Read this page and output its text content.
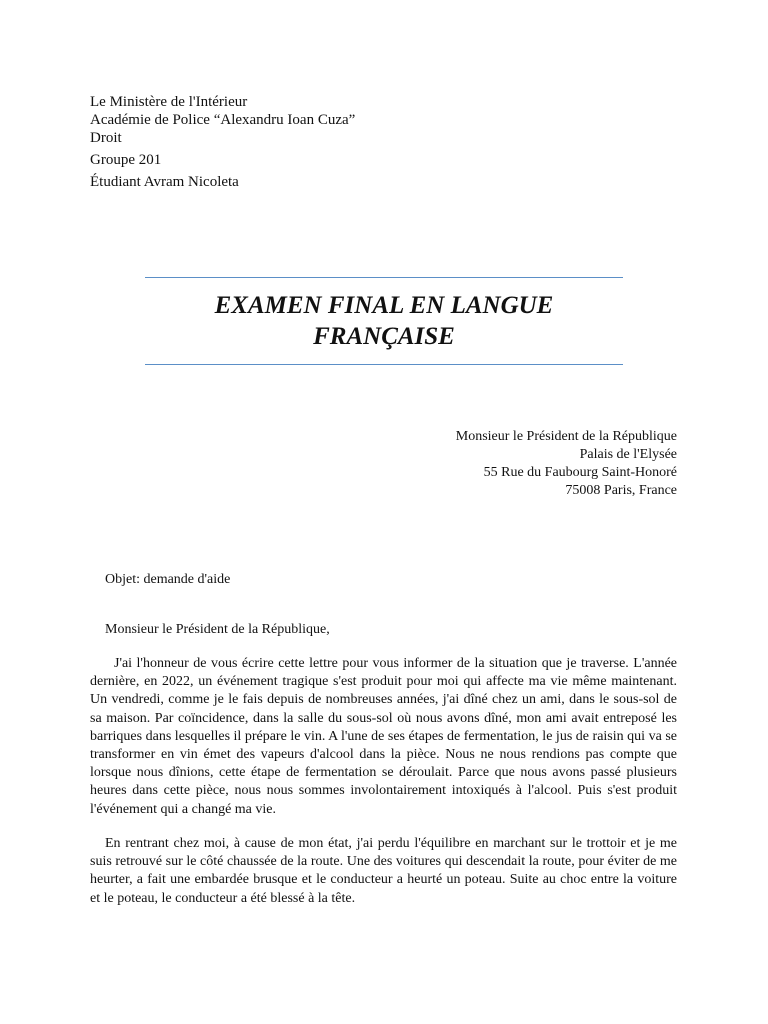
Le Ministère de l'Intérieur
Académie de Police “Alexandru Ioan Cuza”
Droit
Groupe 201
Étudiant Avram Nicoleta
EXAMEN FINAL EN LANGUE
FRANÇAISE
Monsieur le Président de la République
Palais de l'Elysée
55 Rue du Faubourg Saint-Honoré
75008 Paris, France
Objet: demande d'aide
Monsieur le Président de la République,

J'ai l'honneur de vous écrire cette lettre pour vous informer de la situation que je traverse. L'année dernière, en 2022, un événement tragique s'est produit pour moi qui affecte ma vie même maintenant. Un vendredi, comme je le fais depuis de nombreuses années, j'ai dîné chez un ami, dans le sous-sol de sa maison. Par coïncidence, dans la salle du sous-sol où nous avons dîné, mon ami avait entreposé les barriques dans lesquelles il prépare le vin. A l'une de ses étapes de fermentation, le jus de raisin qui va se transformer en vin émet des vapeurs d'alcool dans la pièce. Nous ne nous rendions pas compte que lorsque nous dînions, cette étape de fermentation se déroulait. Parce que nous avons passé plusieurs heures dans cette pièce, nous nous sommes involontairement intoxiqués à l'alcool. Puis s'est produit l'événement qui a changé ma vie.

En rentrant chez moi, à cause de mon état, j'ai perdu l'équilibre en marchant sur le trottoir et je me suis retrouvé sur le côté chaussée de la route. Une des voitures qui descendait la route, pour éviter de me heurter, a fait une embardée brusque et le conducteur a heurté un poteau. Suite au choc entre la voiture et le poteau, le conducteur a été blessé à la tête.
